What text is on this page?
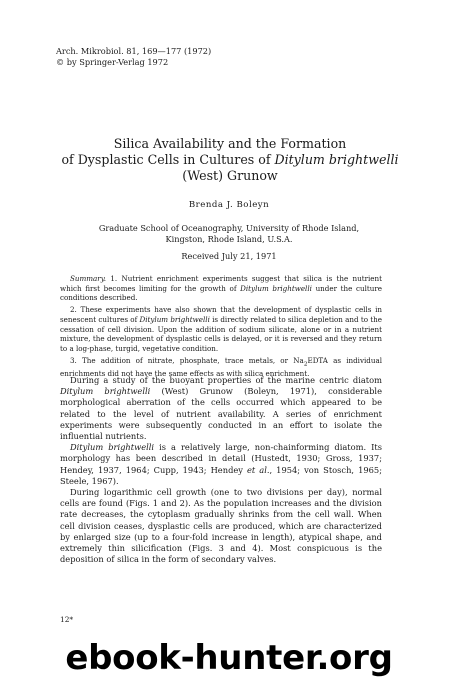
Arch. Mikrobiol. 81, 169—177 (1972)
© by Springer-Verlag 1972
Silica Availability and the Formation
of Dysplastic Cells in Cultures of Ditylum brightwelli
(West) Grunow
Brenda J. Boleyn
Graduate School of Oceanography, University of Rhode Island,
Kingston, Rhode Island, U.S.A.
Received July 21, 1971

Summary. 1. Nutrient enrichment experiments suggest that silica is the nutrient which first becomes limiting for the growth of Ditylum brightwelli under the culture conditions described.

2. These experiments have also shown that the development of dysplastic cells in senescent cultures of Ditylum brightwelli is directly related to silica depletion and to the cessation of cell division. Upon the addition of sodium silicate, alone or in a nutrient mixture, the development of dysplastic cells is delayed, or it is reversed and they return to a log-phase, turgid, vegetative condition.

3. The addition of nitrate, phosphate, trace metals, or $Na_2EDTA$ as individual enrichments did not have the same effects as with silica enrichment.

During a study of the buoyant properties of the marine centric diatom Ditylum brightwelli (West) Grunow (Boleyn, 1971), considerable morphological aberration of the cells occurred which appeared to be related to the level of nutrient availability. A series of enrichment experiments were subsequently conducted in an effort to isolate the influential nutrients.

Ditylum brightwelli is a relatively large, non-chainforming diatom. Its morphology has been described in detail (Hustedt, 1930; Gross, 1937; Hendey, 1937, 1964; Cupp, 1943; Hendey et al., 1954; von Stosch, 1965; Steele, 1967).

During logarithmic cell growth (one to two divisions per day), normal cells are found (Figs. 1 and 2). As the population increases and the division rate decreases, the cytoplasm gradually shrinks from the cell wall. When cell division ceases, dysplastic cells are produced, which are characterized by enlarged size (up to a four-fold increase in length), atypical shape, and extremely thin silicification (Figs. 3 and 4). Most conspicuous is the deposition of silica in the form of secondary valves.

12*
ebook-hunter.org
